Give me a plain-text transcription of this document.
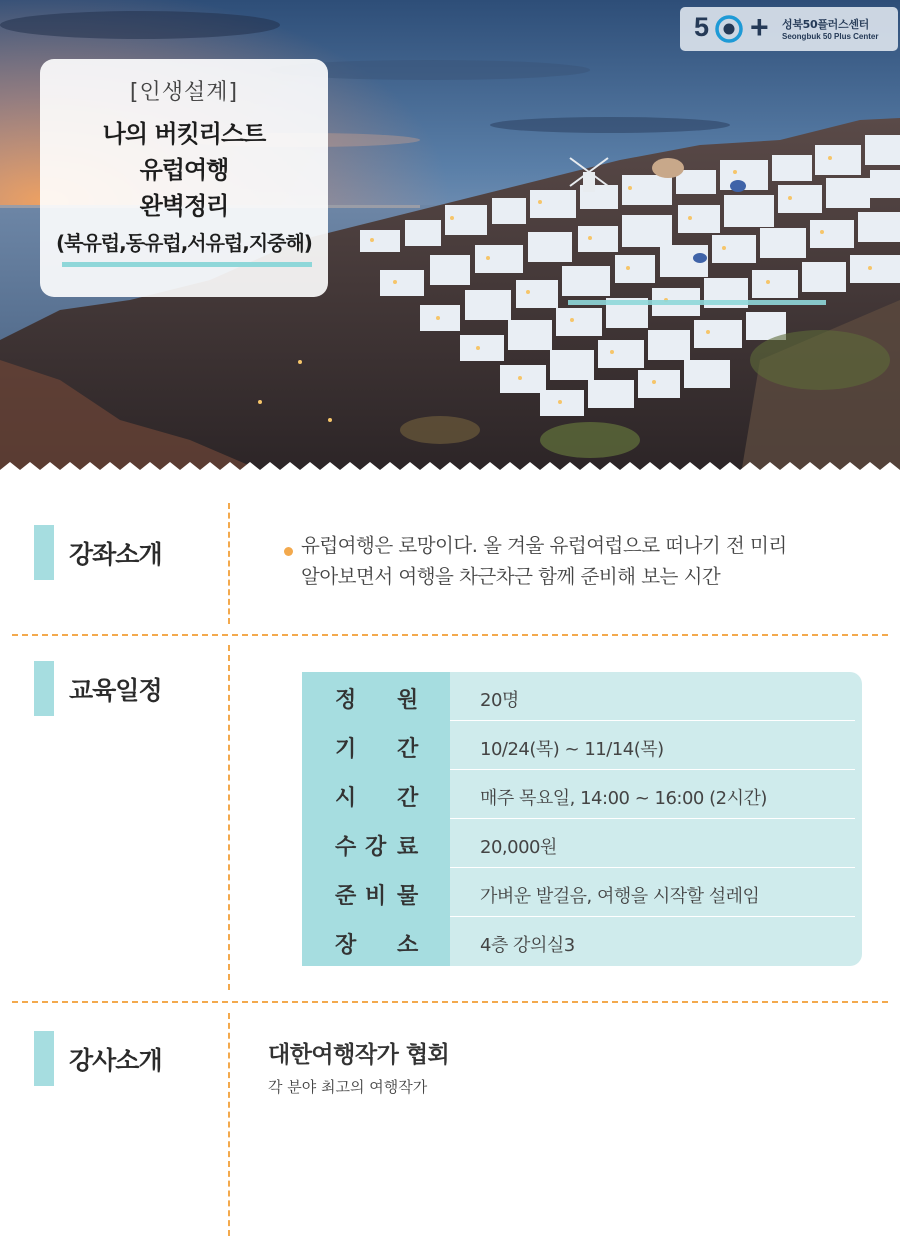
5 + 성북50플러스센터
Seongbuk 50 Plus Center
[인생설계]
나의 버킷리스트
유럽여행
완벽정리
(북유럽,동유럽,서유럽,지중해)
강좌소개	유럽여행은 로망이다. 올 겨울 유럽여럽으로 떠나기 전 미리
알아보면서 여행을 차근차근 함께 준비해 보는 시간
교육일정	정 원	20명
기 간	10/24(목) ~ 11/14(목)
시 간	매주 목요일, 14:00 ~ 16:00 (2시간)
수 강 료	20,000원
준 비 물	가벼운 발걸음, 여행을 시작할 설레임
장 소	4층 강의실3
강사소개	대한여행작가 협회
각 분야 최고의 여행작가
